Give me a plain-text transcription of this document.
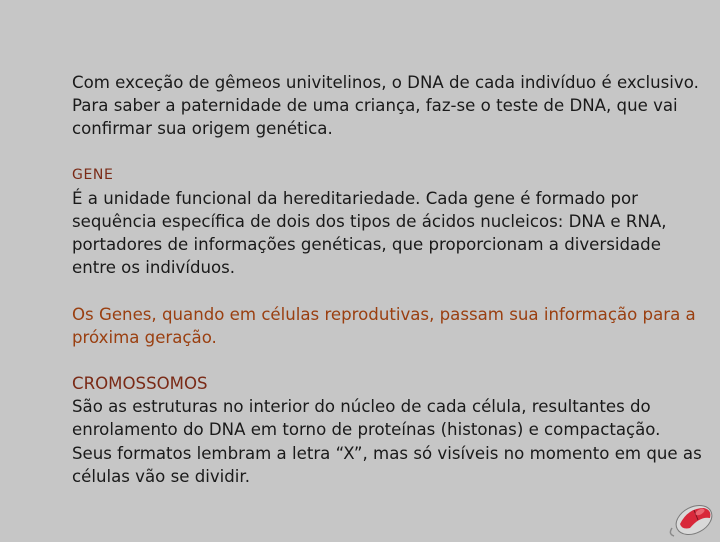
Com exceção de gêmeos univitelinos, o DNA de cada indivíduo é exclusivo. Para saber a paternidade de uma criança, faz-se o teste de DNA, que vai confirmar sua origem genética.

GENE

É a unidade funcional da hereditariedade. Cada gene é formado por sequência específica de dois dos tipos de ácidos nucleicos: DNA e RNA, portadores de informações genéticas, que proporcionam a diversidade entre os indivíduos.

Os Genes, quando em células reprodutivas, passam sua informação para a próxima geração.

CROMOSSOMOS

São as estruturas no interior do núcleo de cada célula, resultantes do enrolamento do DNA em torno de proteínas (histonas) e compactação. Seus formatos lembram a letra “X”, mas só visíveis no momento em que as células vão se dividir.
